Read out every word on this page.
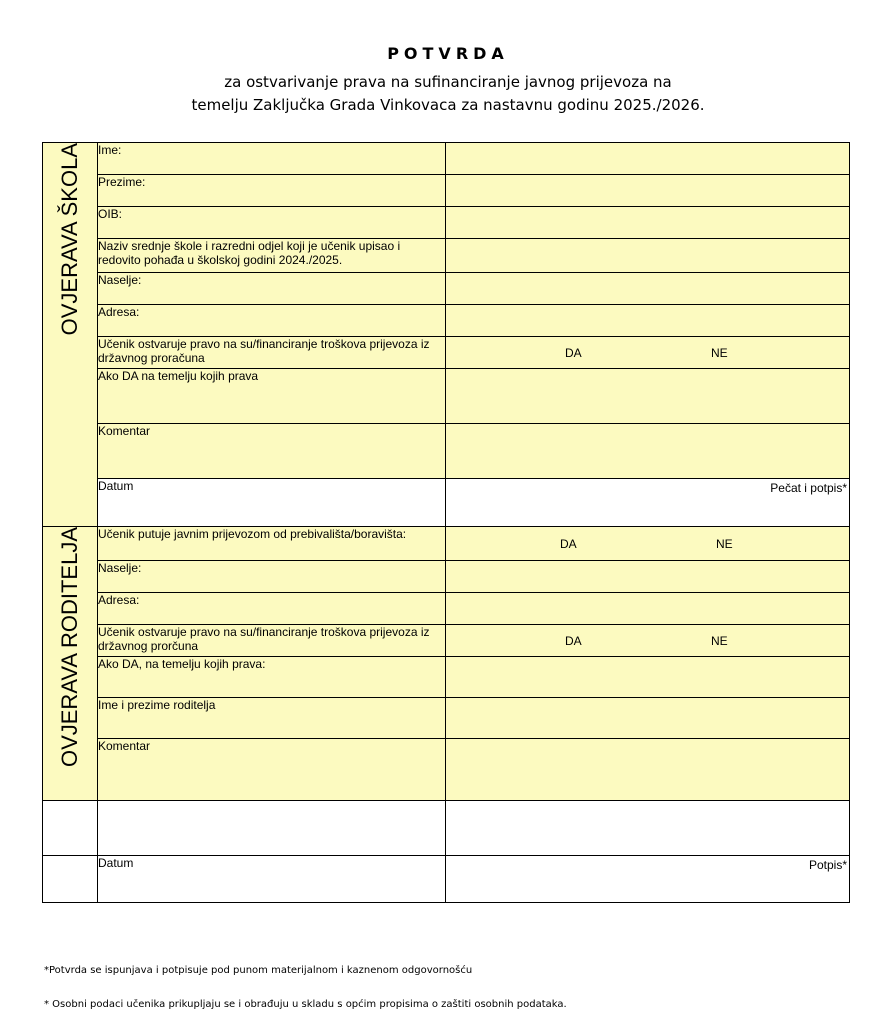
POTVRDA
za ostvarivanje prava na sufinanciranje javnog prijevoza na
temelju Zaključka Grada Vinkovaca za nastavnu godinu 2025./2026.
OVJERAVA ŠKOLA	Ime:	
	Prezime:	
	OIB:	
	Naziv srednje škole i razredni odjel koji je učenik upisao i redovito pohađa u školskoj godini 2024./2025.	
	Naselje:	
	Adresa:	
	Učenik ostvaruje pravo na su/financiranje troškova prijevoza iz državnog proračuna	DA NE

	Ako DA na temelju kojih prava	
	Komentar	
	Datum	Pečat i potpis*

OVJERAVA RODITELJA	Učenik putuje javnim prijevozom od prebivališta/boravišta:	DA NE

	Naselje:	
	Adresa:	
	Učenik ostvaruje pravo na su/financiranje troškova prijevoza iz državnog prorčuna	DA NE

	Ako DA, na temelju kojih prava:	
	Ime i prezime roditelja	
	Komentar	

	Datum	Potpis*
*Potvrda se ispunjava i potpisuje pod punom materijalnom i kaznenom odgovornošću
* Osobni podaci učenika prikupljaju se i obrađuju u skladu s općim propisima o zaštiti osobnih podataka.
